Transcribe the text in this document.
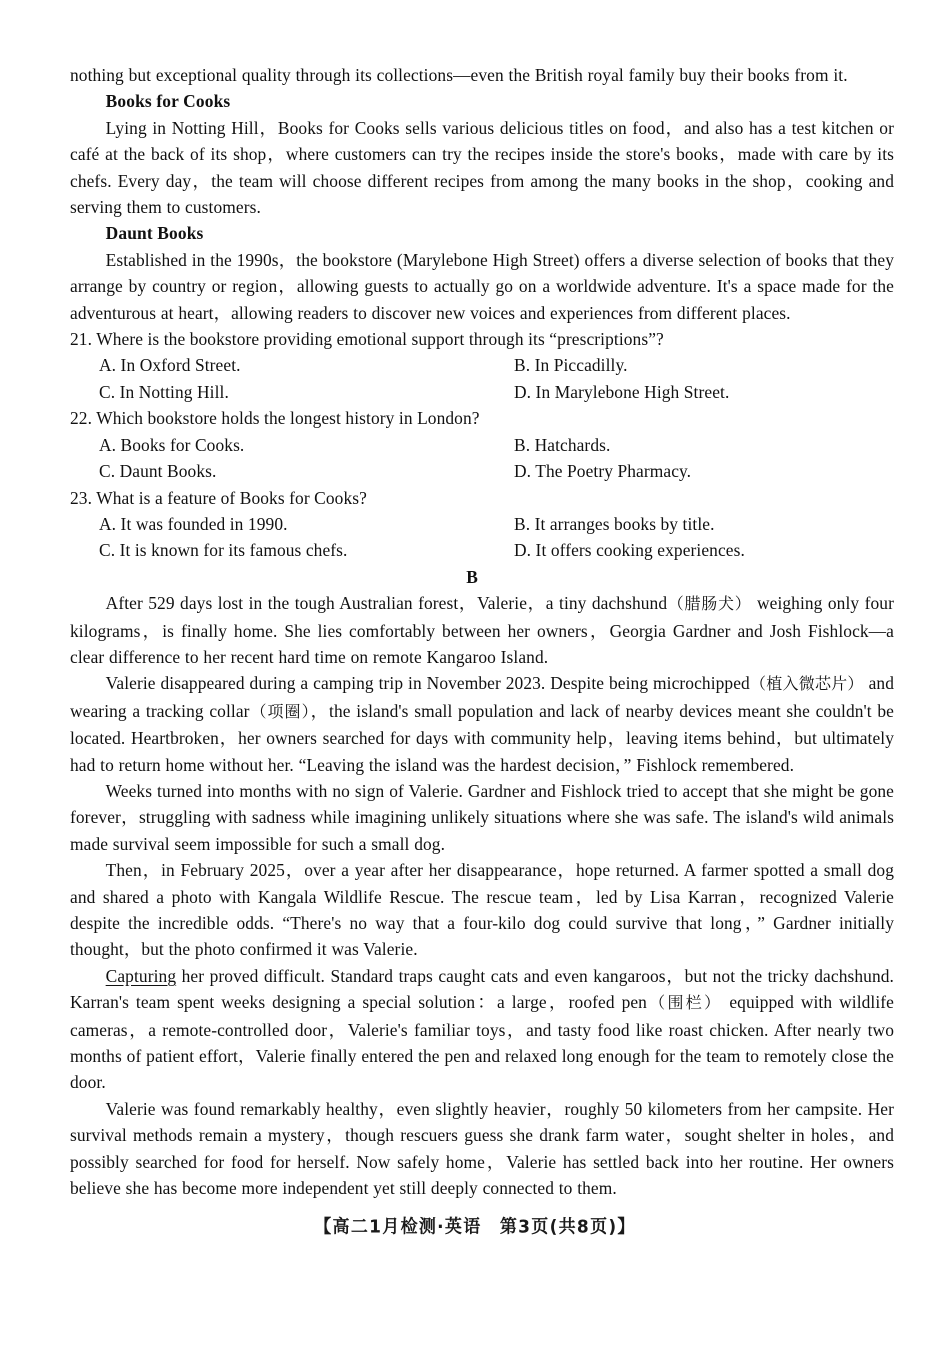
nothing but exceptional quality through its collections—even the British royal family buy their books from it.

Books for Cooks

Lying in Notting Hill，Books for Cooks sells various delicious titles on food，and also has a test kitchen or café at the back of its shop，where customers can try the recipes inside the store's books，made with care by its chefs. Every day，the team will choose different recipes from among the many books in the shop，cooking and serving them to customers.

Daunt Books

Established in the 1990s，the bookstore (Marylebone High Street) offers a diverse selection of books that they arrange by country or region，allowing guests to actually go on a worldwide adventure. It's a space made for the adventurous at heart，allowing readers to discover new voices and experiences from different places.

21. Where is the bookstore providing emotional support through its “prescriptions”?

A. In Oxford Street.	B. In Piccadilly.
C. In Notting Hill.	D. In Marylebone High Street.

22. Which bookstore holds the longest history in London?

A. Books for Cooks.	B. Hatchards.
C. Daunt Books.	D. The Poetry Pharmacy.

23. What is a feature of Books for Cooks?

A. It was founded in 1990.	B. It arranges books by title.
C. It is known for its famous chefs.	D. It offers cooking experiences.

B

After 529 days lost in the tough Australian forest，Valerie，a tiny dachshund（腊肠犬） weighing only four kilograms，is finally home. She lies comfortably between her owners，Georgia Gardner and Josh Fishlock—a clear difference to her recent hard time on remote Kangaroo Island.

Valerie disappeared during a camping trip in November 2023. Despite being microchipped（植入微芯片） and wearing a tracking collar（项圈），the island's small population and lack of nearby devices meant she couldn't be located. Heartbroken，her owners searched for days with community help，leaving items behind，but ultimately had to return home without her. “Leaving the island was the hardest decision，” Fishlock remembered.

Weeks turned into months with no sign of Valerie. Gardner and Fishlock tried to accept that she might be gone forever，struggling with sadness while imagining unlikely situations where she was safe. The island's wild animals made survival seem impossible for such a small dog.

Then，in February 2025，over a year after her disappearance，hope returned. A farmer spotted a small dog and shared a photo with Kangala Wildlife Rescue. The rescue team，led by Lisa Karran，recognized Valerie despite the incredible odds. “There's no way that a four-kilo dog could survive that long，” Gardner initially thought，but the photo confirmed it was Valerie.

Capturing her proved difficult. Standard traps caught cats and even kangaroos，but not the tricky dachshund. Karran's team spent weeks designing a special solution：a large，roofed pen（围栏） equipped with wildlife cameras，a remote-controlled door，Valerie's familiar toys，and tasty food like roast chicken. After nearly two months of patient effort，Valerie finally entered the pen and relaxed long enough for the team to remotely close the door.

Valerie was found remarkably healthy，even slightly heavier，roughly 50 kilometers from her campsite. Her survival methods remain a mystery，though rescuers guess she drank farm water，sought shelter in holes，and possibly searched for food for herself. Now safely home，Valerie has settled back into her routine. Her owners believe she has become more independent yet still deeply connected to them.

【高二1月检测·英语　第3页(共8页)】
